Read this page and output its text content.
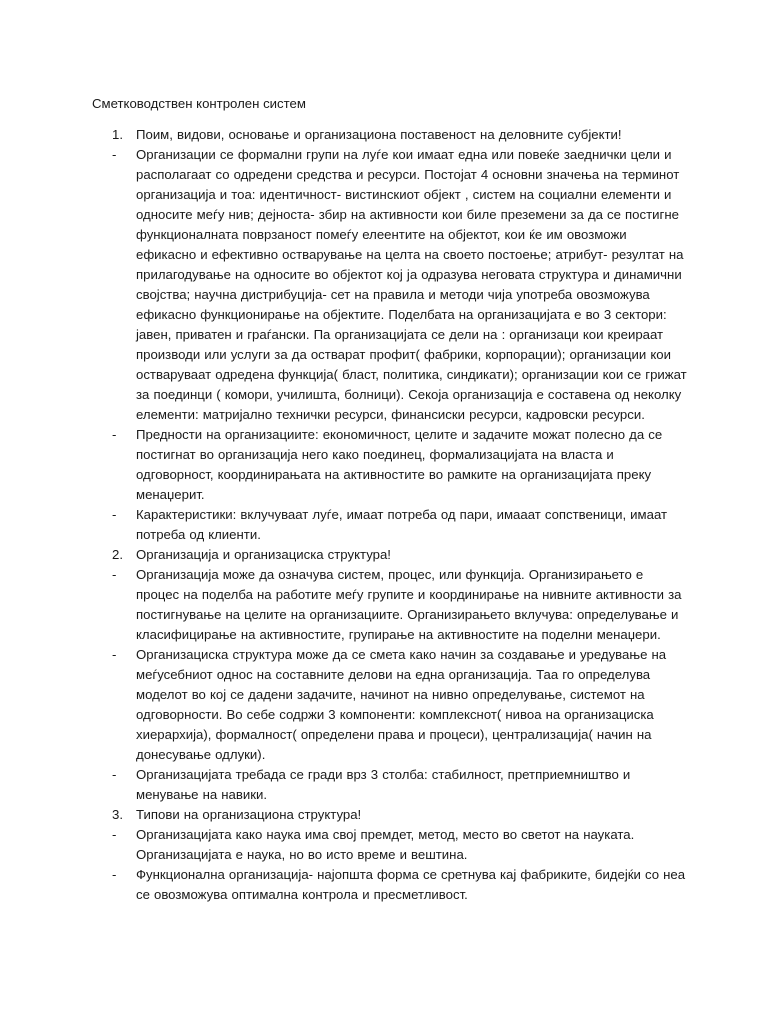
Сметководствен контролен систем
1. Поим, видови, основање и организациона поставеност на деловните субјекти!
-	Организации се формални групи на луѓе кои имаат една или повеќе заеднички цели и располагаат со одредени средства и ресурси. Постојат 4 основни значења на терминот организација и тоа: идентичност- вистинскиот објект , систем на социални елементи и односите меѓу нив; дејноста- збир на активности кои биле преземени за да се постигне функционалната поврзаност помеѓу елеентите на објектот, кои ќе им овозможи ефикасно и ефективно остварување на целта на своето постоење; атрибут- резултат на прилагодување на односите во објектот кој ја одразува неговата структура и динамични својства; научна дистрибуција- сет на правила и методи чија употреба овозможува ефикасно функционирање на објектите. Поделбата на организацијата е во 3 сектори: јавен, приватен и граѓански. Па организацијата се дели на : организаци кои креираат производи или услуги за да остварат профит( фабрики, корпорации); организации кои остваруваат одредена функција( бласт, политика, синдикати); организации кои се грижат за поединци ( комори, училишта, болници). Секоја организација е составена од неколку елементи: матријално технички ресурси, финансиски ресурси, кадровски ресурси.
-	Предности на организациите: економичност, целите и задачите можат полесно да се постигнат во организација него како поединец, формализацијата на власта и одговорност, координирањата на активностите во рамките на организацијата преку менаџерит.
-	Карактеристики: вклучуваат луѓе, имаат потреба од пари, имааат сопственици, имаат потреба од клиенти.
2. Организација и организациска структура!
-	Организација може да означува систем, процес, или функција. Организирањето е процес на поделба на работите меѓу групите и координирање на нивните активности за постигнување на целите на организациите. Организирањето вклучува: определување и класифицирање на активностите, групирање на активностите на поделни менаџери.
-	Организациска структура може да се смета како начин за создавање и уредување на меѓусебниот однос на составните делови на една организација. Таа го определува моделот во кој се дадени задачите, начинот на нивно определување, системот на одговорности. Во себе содржи 3 компоненти: комплекснот( нивоа на организациска хиерархија), формалност( определени права и процеси), централизација( начин на донесување одлуки).
-	Организацијата требада се гради врз 3 столба: стабилност, претприемништво и менување на навики.
3. Типови на организациона структура!
-	Организацијата како наука има свој премдет, метод, место во светот на науката. Организацијата е наука, но во исто време и вештина.
-	Функционална организација- најопшта форма се сретнува кај фабриките, бидејќи со неа се овозможува оптимална контрола и пресметливост.
